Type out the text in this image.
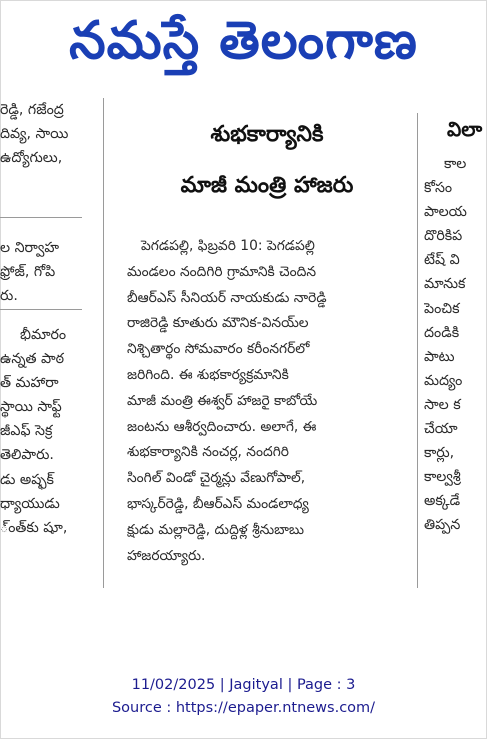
నమస్తే తెలంగాణ
రెడ్డి, గజేంద్ర
దివ్య, సాయి
ఉద్యోగులు,
ల నిర్వాహ
ఫ్రోజ్, గోపి
రు.
భీమారం
ఉన్నత పాఠ
త్ మహారా
స్థాయి సాఫ్ట్
జీఎఫ్ సెక్ర
తెలిపారు.
డు అష్ఫక్
ధ్యాయుడు
్ంత్‌కు షూ,
శుభకార్యానికి
మాజీ మంత్రి హాజరు
పెగడపల్లి, ఫిబ్రవరి 10: పెగడపల్లి
మండలం నందిగిరి గ్రామానికి చెందిన
బీఆర్‌ఎస్ సీనియర్ నాయకుడు నారెడ్డి
రాజిరెడ్డి కూతురు మౌనిక-వినయ్‌ల
నిశ్చితార్థం సోమవారం కరీంనగర్‌లో
జరిగింది. ఈ శుభకార్యక్రమానికి
మాజీ మంత్రి ఈశ్వర్ హాజరై కాబోయే
జంటను ఆశీర్వదించారు. అలాగే, ఈ
శుభకార్యానికి నంచర్ల, నందగిరి
సింగిల్ విండో చైర్మన్లు వేణుగోపాల్,
భాస్కర్‌రెడ్డి, బీఆర్‌ఎస్ మండలాధ్య
క్షుడు మల్లారెడ్డి, దుద్దిళ్ల శ్రీనుబాబు
హాజరయ్యారు.
విలా
కాల
కోసం
పాలయ
దొరికిప
టేష్ వి
మానుక
పెంచిక
దండికి
పాటు
మద్యం
సాల క
చేయా
కార్లు,
కాల్వశ్రీ
అక్కడే
తిప్పన
11/02/2025 | Jagityal | Page : 3
Source : https://epaper.ntnews.com/
